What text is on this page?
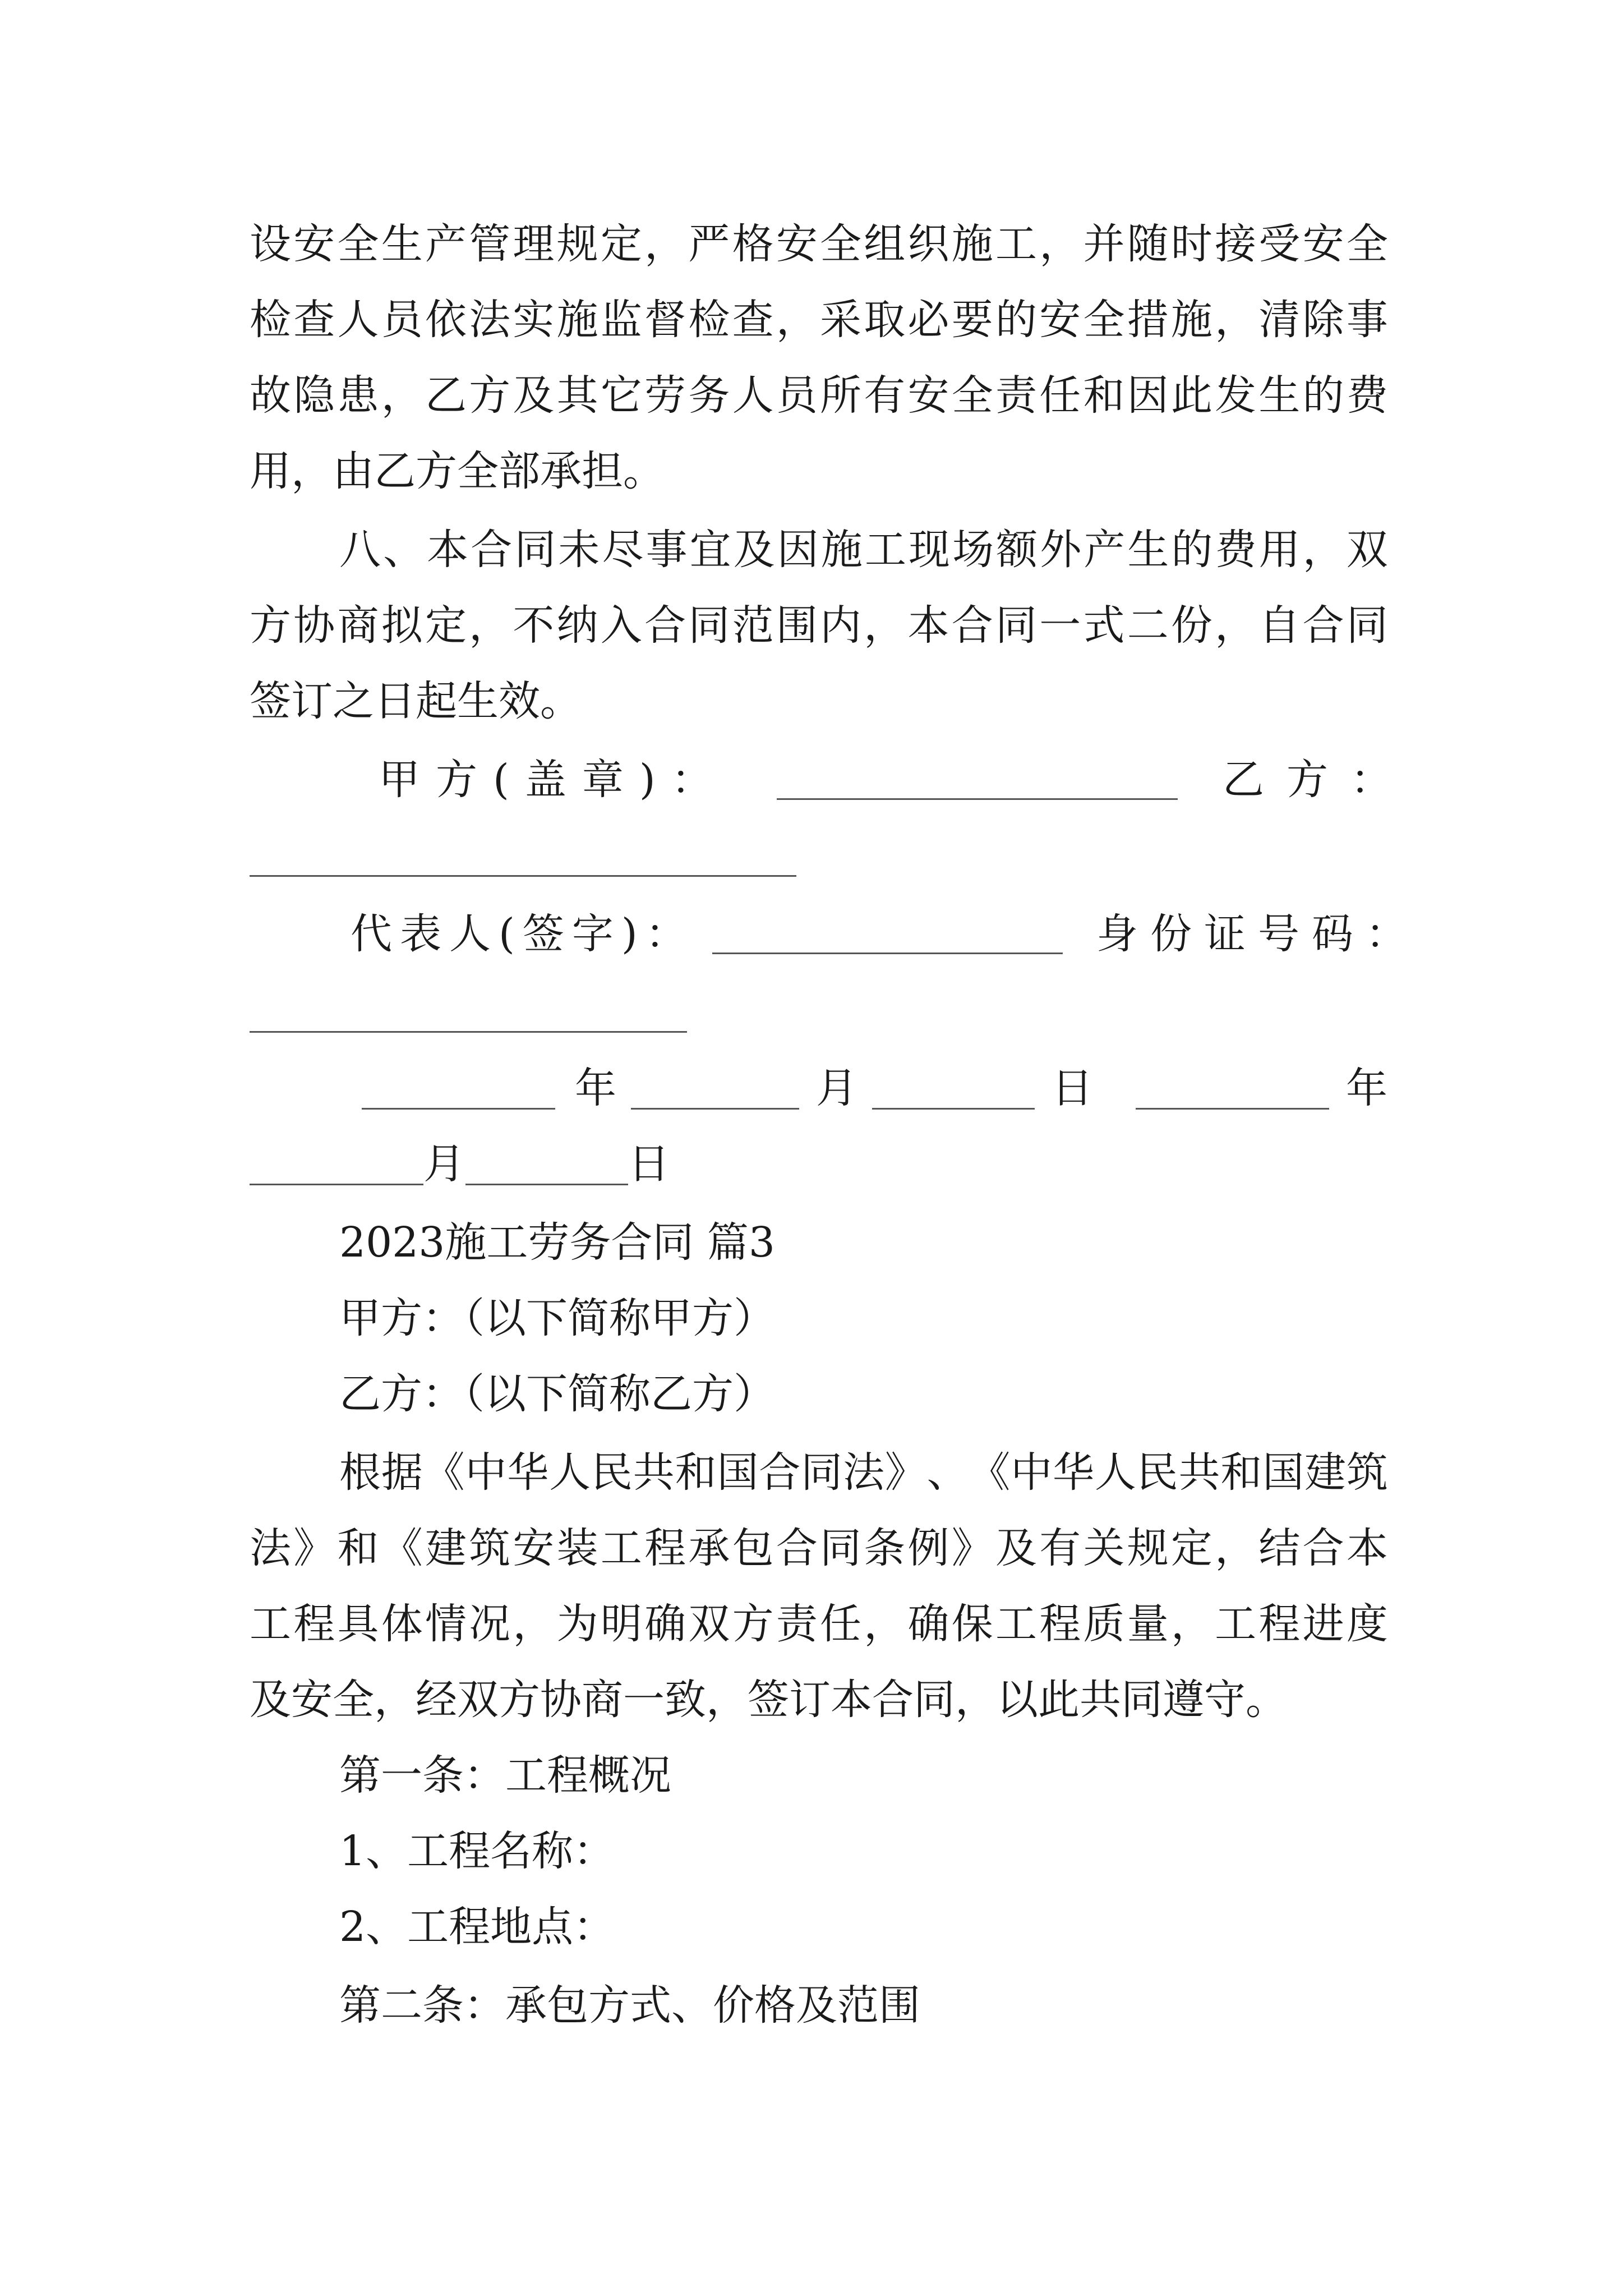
设 安 全 生 产 管 理 规 定 ， 严 格 安 全 组 织 施 工 ， 并 随 时 接 受 安 全
检 查 人 员 依 法 实 施 监 督 检 查 ， 采 取 必 要 的 安 全 措 施 ， 清 除 事
故 隐 患 ， 乙 方 及 其 它 劳 务 人 员 所 有 安 全 责 任 和 因 此 发 生 的 费
用，由乙方全部承担。
八 、 本 合 同 未 尽 事 宜 及 因 施 工 现 场 额 外 产 生 的 费 用 ， 双
方 协 商 拟 定 ， 不 纳 入 合 同 范 围 内 ， 本 合 同 一 式 二 份 ， 自 合 同
签订之日起生效。
甲方(盖章)：	乙方：
代表人(签字)：	身份证号码：
年	月	日	年
月	日
2023施工劳务合同 篇3
甲方：（以下简称甲方）
乙方：（以下简称乙方）
根 据 《 中 华 人 民 共 和 国 合 同 法 》 、 《 中 华 人 民 共 和 国 建 筑
法 》 和 《 建 筑 安 装 工 程 承 包 合 同 条 例 》 及 有 关 规 定 ， 结 合 本
工 程 具 体 情 况 ， 为 明 确 双 方 责 任 ， 确 保 工 程 质 量 ， 工 程 进 度
及安全，经双方协商一致，签订本合同，以此共同遵守。
第一条：工程概况
1、工程名称：
2、工程地点：
第二条：承包方式、价格及范围
